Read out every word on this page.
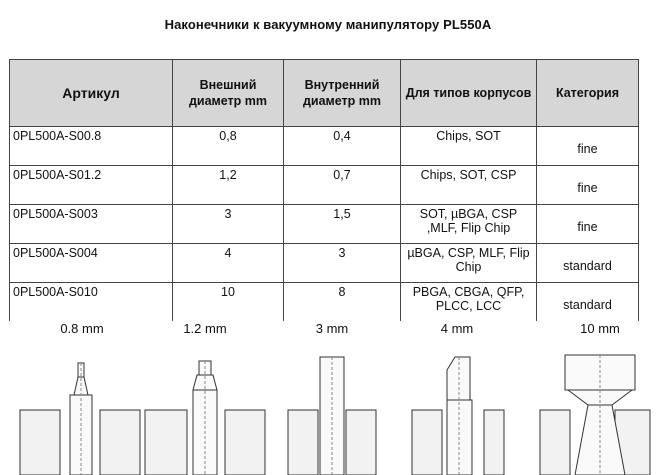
Наконечники к вакуумному манипулятору PL550A
Артикул	Внешний диаметр mm	Внутренний диаметр mm	Для типов корпусов	Категория
0PL500A-S00.8	0,8	0,4	Chips, SOT	fine
0PL500A-S01.2	1,2	0,7	Chips, SOT, CSP	fine
0PL500A-S003	3	1,5	SOT, µBGA, CSP ,MLF, Flip Chip	fine
0PL500A-S004	4	3	µBGA, CSP, MLF, Flip Chip	standard
0PL500A-S010	10	8	PBGA, CBGA, QFP, PLCC, LCC	standard
0.8 mm	1.2 mm	3 mm	4 mm	10 mm
